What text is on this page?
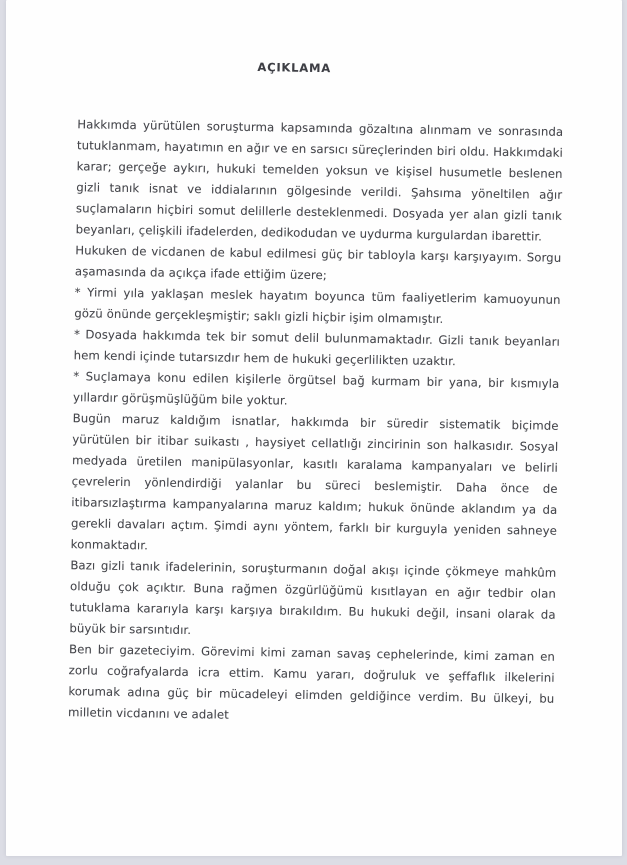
AÇIKLAMA

Hakkımda yürütülen soruşturma kapsamında gözaltına alınmam ve sonrasında tutuklanmam, hayatımın en ağır ve en sarsıcı süreçlerinden biri oldu. Hakkımdaki karar; gerçeğe aykırı, hukuki temelden yoksun ve kişisel husumetle beslenen gizli tanık isnat ve iddialarının gölgesinde verildi. Şahsıma yöneltilen ağır suçlamaların hiçbiri somut delillerle desteklenmedi. Dosyada yer alan gizli tanık beyanları, çelişkili ifadelerden, dedikodudan ve uydurma kurgulardan ibarettir.

Hukuken de vicdanen de kabul edilmesi güç bir tabloyla karşı karşıyayım. Sorgu aşamasında da açıkça ifade ettiğim üzere;

* Yirmi yıla yaklaşan meslek hayatım boyunca tüm faaliyetlerim kamuoyunun gözü önünde gerçekleşmiştir; saklı gizli hiçbir işim olmamıştır.

* Dosyada hakkımda tek bir somut delil bulunmamaktadır. Gizli tanık beyanları hem kendi içinde tutarsızdır hem de hukuki geçerlilikten uzaktır.

* Suçlamaya konu edilen kişilerle örgütsel bağ kurmam bir yana, bir kısmıyla yıllardır görüşmüşlüğüm bile yoktur.

Bugün maruz kaldığım isnatlar, hakkımda bir süredir sistematik biçimde yürütülen bir itibar suikastı , haysiyet cellatlığı zincirinin son halkasıdır. Sosyal medyada üretilen manipülasyonlar, kasıtlı karalama kampanyaları ve belirli çevrelerin yönlendirdiği yalanlar bu süreci beslemiştir. Daha önce de itibarsızlaştırma kampanyalarına maruz kaldım; hukuk önünde aklandım ya da gerekli davaları açtım. Şimdi aynı yöntem, farklı bir kurguyla yeniden sahneye konmaktadır.

Bazı gizli tanık ifadelerinin, soruşturmanın doğal akışı içinde çökmeye mahkûm olduğu çok açıktır. Buna rağmen özgürlüğümü kısıtlayan en ağır tedbir olan tutuklama kararıyla karşı karşıya bırakıldım. Bu hukuki değil, insani olarak da büyük bir sarsıntıdır.

Ben bir gazeteciyim. Görevimi kimi zaman savaş cephelerinde, kimi zaman en zorlu coğrafyalarda icra ettim. Kamu yararı, doğruluk ve şeffaflık ilkelerini korumak adına güç bir mücadeleyi elimden geldiğince verdim. Bu ülkeyi, bu milletin vicdanını ve adalet
